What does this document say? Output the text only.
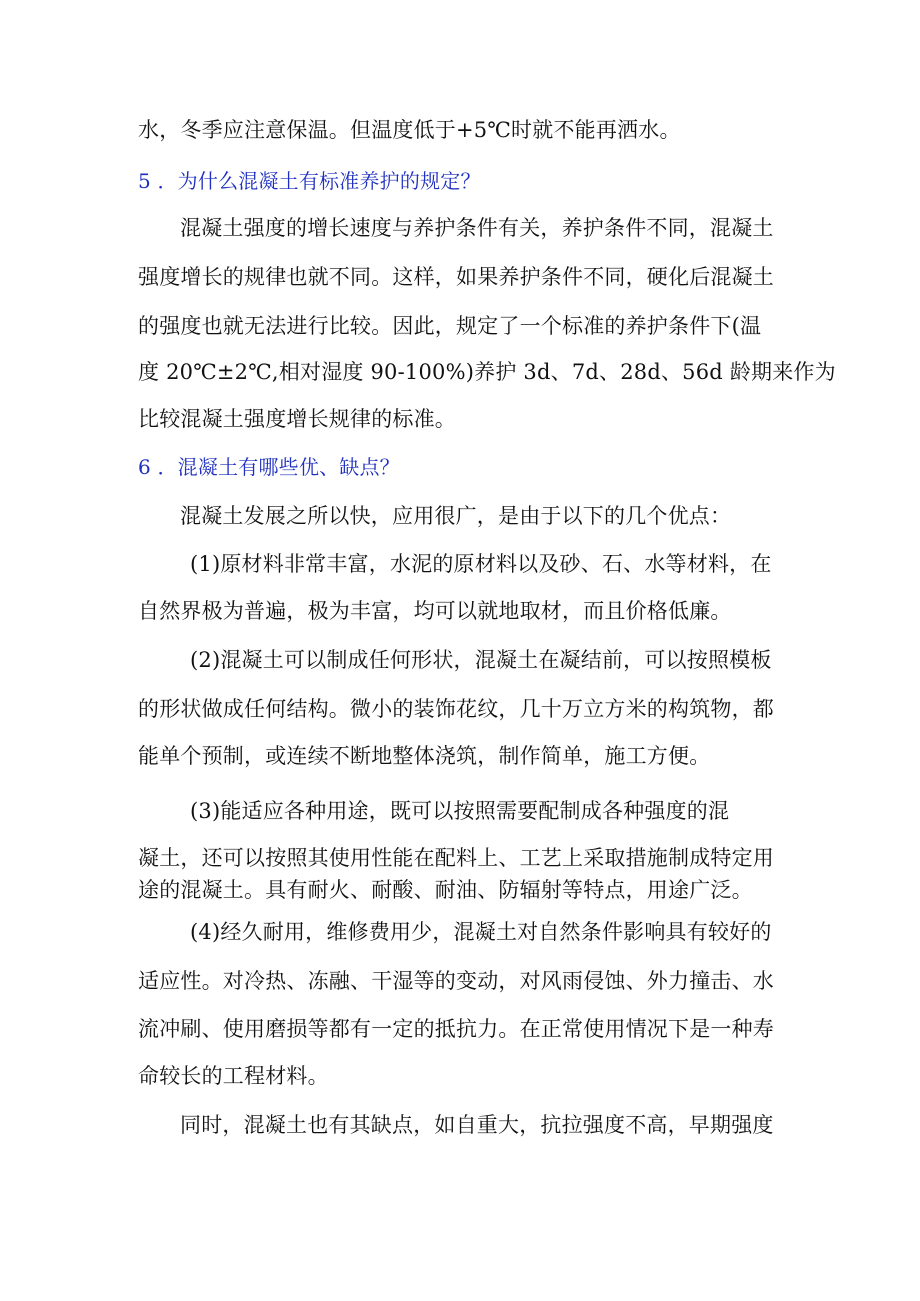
水，冬季应注意保温。但温度低于+5℃时就不能再洒水。
5 ．为什么混凝土有标准养护的规定？
混凝土强度的增长速度与养护条件有关，养护条件不同，混凝土
强度增长的规律也就不同。这样，如果养护条件不同，硬化后混凝土
的强度也就无法进行比较。因此，规定了一个标准的养护条件下(温
度 20℃±2℃,相对湿度 90-100%)养护 3d、7d、28d、56d 龄期来作为
比较混凝土强度增长规律的标准。
6 ．混凝土有哪些优、缺点？
混凝土发展之所以快，应用很广，是由于以下的几个优点：
(1)原材料非常丰富，水泥的原材料以及砂、石、水等材料，在
自然界极为普遍，极为丰富，均可以就地取材，而且价格低廉。
(2)混凝土可以制成任何形状，混凝土在凝结前，可以按照模板
的形状做成任何结构。微小的装饰花纹，几十万立方米的构筑物，都
能单个预制，或连续不断地整体浇筑，制作简单，施工方便。
(3)能适应各种用途，既可以按照需要配制成各种强度的混
凝土，还可以按照其使用性能在配料上、工艺上采取措施制成特定用
途的混凝土。具有耐火、耐酸、耐油、防辐射等特点，用途广泛。
(4)经久耐用，维修费用少，混凝土对自然条件影响具有较好的
适应性。对冷热、冻融、干湿等的变动，对风雨侵蚀、外力撞击、水
流冲刷、使用磨损等都有一定的抵抗力。在正常使用情况下是一种寿
命较长的工程材料。
同时，混凝土也有其缺点，如自重大，抗拉强度不高，早期强度
